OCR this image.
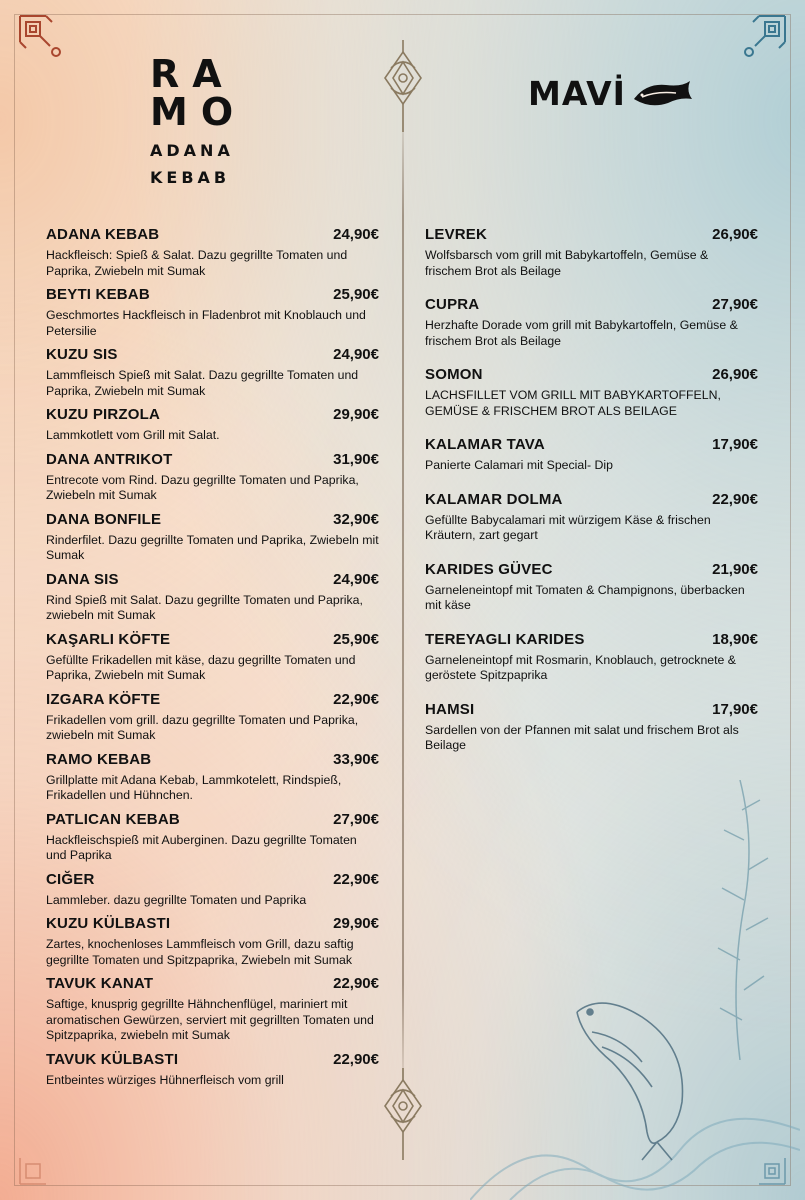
RA
MO
ADANA
KEBAB
MAVİ
ADANA KEBAB	24,90€
Hackfleisch: Spieß & Salat. Dazu gegrillte Tomaten und Paprika, Zwiebeln mit Sumak
BEYTI KEBAB	25,90€
Geschmortes Hackfleisch in Fladenbrot mit Knoblauch und Petersilie
KUZU SIS	24,90€
Lammfleisch Spieß mit Salat. Dazu gegrillte Tomaten und Paprika, Zwiebeln mit Sumak
KUZU PIRZOLA	29,90€
Lammkotlett vom Grill mit Salat.
DANA ANTRIKOT	31,90€
Entrecote vom Rind. Dazu gegrillte Tomaten und Paprika, Zwiebeln mit Sumak
DANA BONFILE	32,90€
Rinderfilet. Dazu gegrillte Tomaten und Paprika, Zwiebeln mit Sumak
DANA SIS	24,90€
Rind Spieß mit Salat. Dazu gegrillte Tomaten und Paprika, zwiebeln mit Sumak
KAŞARLI KÖFTE	25,90€
Gefüllte Frikadellen mit käse, dazu gegrillte Tomaten und Paprika, Zwiebeln mit Sumak
IZGARA KÖFTE	22,90€
Frikadellen vom grill. dazu gegrillte Tomaten und Paprika, zwiebeln mit Sumak
RAMO KEBAB	33,90€
Grillplatte mit Adana Kebab, Lammkotelett, Rindspieß, Frikadellen und Hühnchen.
PATLICAN KEBAB	27,90€
Hackfleischspieß mit Auberginen. Dazu gegrillte Tomaten und Paprika
CIĞER	22,90€
Lammleber. dazu gegrillte Tomaten und Paprika
KUZU KÜLBASTI	29,90€
Zartes, knochenloses Lammfleisch vom Grill, dazu saftig gegrillte Tomaten und Spitzpaprika, Zwiebeln mit Sumak
TAVUK KANAT	22,90€
Saftige, knusprig gegrillte Hähnchenflügel, mariniert mit aromatischen Gewürzen, serviert mit gegrillten Tomaten und Spitzpaprika, zwiebeln mit Sumak
TAVUK KÜLBASTI	22,90€
Entbeintes würziges Hühnerfleisch vom grill
LEVREK	26,90€
Wolfsbarsch vom grill mit Babykartoffeln, Gemüse & frischem Brot als Beilage
CUPRA	27,90€
Herzhafte Dorade vom grill mit Babykartoffeln, Gemüse & frischem Brot als Beilage
SOMON	26,90€
LACHSFILLET VOM GRILL MIT BABYKARTOFFELN, GEMÜSE & FRISCHEM BROT ALS BEILAGE
KALAMAR TAVA	17,90€
Panierte Calamari mit Special- Dip
KALAMAR DOLMA	22,90€
Gefüllte Babycalamari mit würzigem Käse & frischen Kräutern, zart gegart
KARIDES GÜVEC	21,90€
Garneleneintopf mit Tomaten & Champignons, überbacken mit käse
TEREYAGLI KARIDES	18,90€
Garneleneintopf mit Rosmarin, Knoblauch, getrocknete & geröstete Spitzpaprika
HAMSI	17,90€
Sardellen von der Pfannen mit salat und frischem Brot als Beilage
